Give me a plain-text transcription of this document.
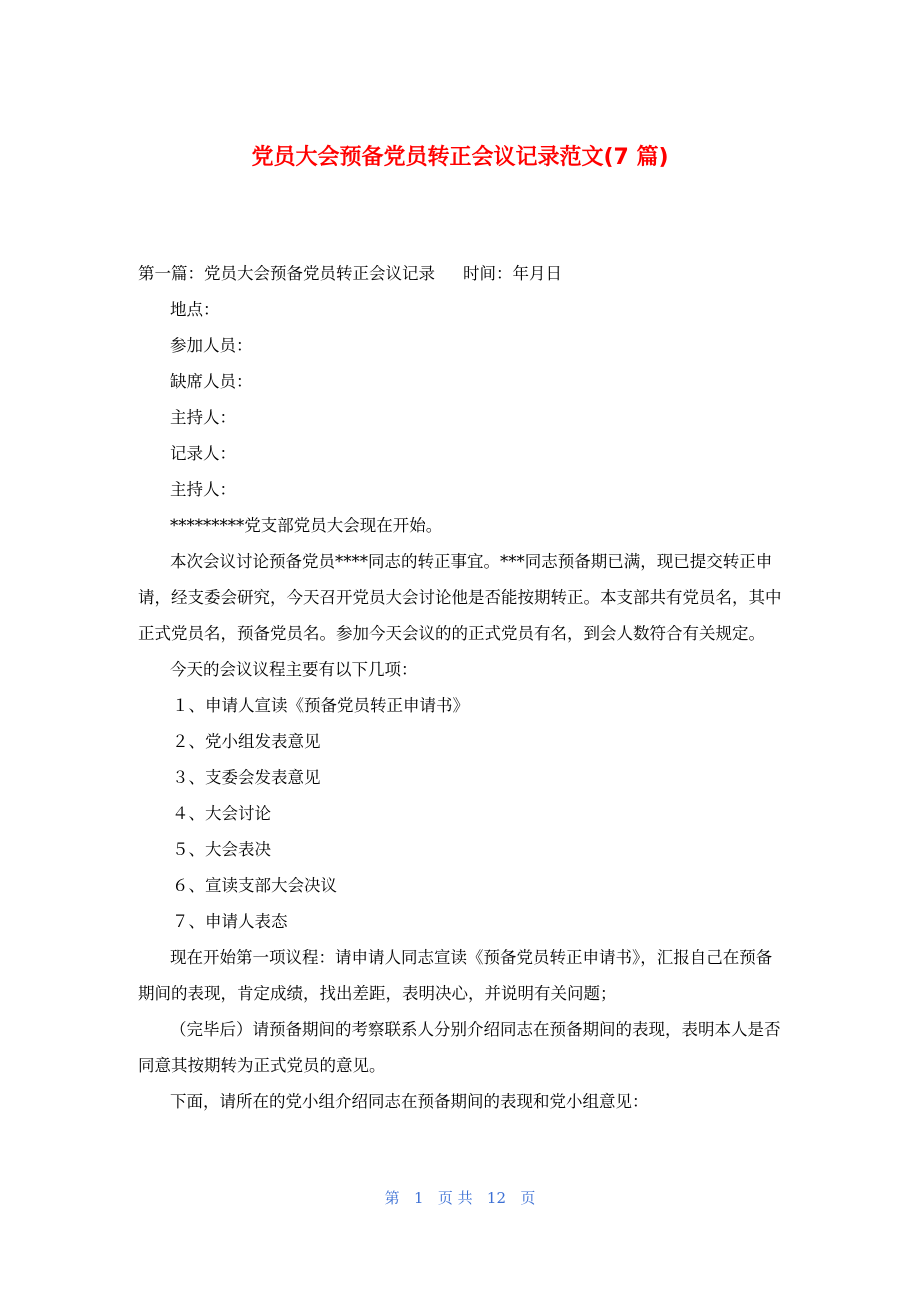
党员大会预备党员转正会议记录范文(7 篇)

第一篇：党员大会预备党员转正会议记录 时间：年月日

地点：

参加人员：

缺席人员：

主持人：

记录人：

主持人：

*********党支部党员大会现在开始。

本次会议讨论预备党员****同志的转正事宜。***同志预备期已满，现已提交转正申请，经支委会研究，今天召开党员大会讨论他是否能按期转正。本支部共有党员名，其中正式党员名，预备党员名。参加今天会议的的正式党员有名，到会人数符合有关规定。

今天的会议议程主要有以下几项：

１、申请人宣读《预备党员转正申请书》

２、党小组发表意见

３、支委会发表意见

４、大会讨论

５、大会表决

６、宣读支部大会决议

７、申请人表态

现在开始第一项议程：请申请人同志宣读《预备党员转正申请书》，汇报自己在预备期间的表现，肯定成绩，找出差距，表明决心，并说明有关问题；

（完毕后）请预备期间的考察联系人分别介绍同志在预备期间的表现，表明本人是否同意其按期转为正式党员的意见。

下面，请所在的党小组介绍同志在预备期间的表现和党小组意见：

第 1 页 共 12 页
